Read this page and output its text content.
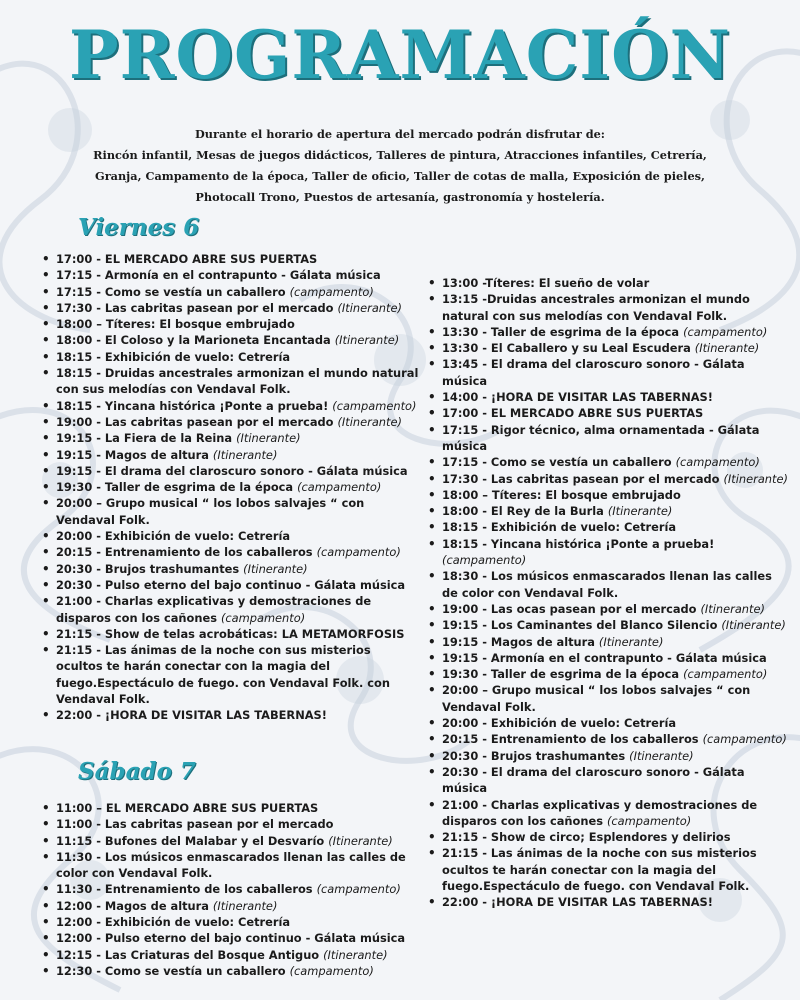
PROGRAMACIÓN
Durante el horario de apertura del mercado podrán disfrutar de:
Rincón infantil, Mesas de juegos didácticos, Talleres de pintura, Atracciones infantiles, Cetrería,
Granja, Campamento de la época, Taller de oficio, Taller de cotas de malla, Exposición de pieles,
Photocall Trono, Puestos de artesanía, gastronomía y hostelería.
Viernes 6
• 17:00 - EL MERCADO ABRE SUS PUERTAS
• 17:15 - Armonía en el contrapunto - Gálata música
• 17:15 - Como se vestía un caballero (campamento)
• 17:30 - Las cabritas pasean por el mercado (Itinerante)
• 18:00 – Títeres: El bosque embrujado
• 18:00 - El Coloso y la Marioneta Encantada (Itinerante)
• 18:15 - Exhibición de vuelo: Cetrería
• 18:15 - Druidas ancestrales armonizan el mundo natural con sus melodías con Vendaval Folk.
• 18:15 - Yincana histórica ¡Ponte a prueba! (campamento)
• 19:00 - Las cabritas pasean por el mercado (Itinerante)
• 19:15 - La Fiera de la Reina (Itinerante)
• 19:15 - Magos de altura (Itinerante)
• 19:15 - El drama del claroscuro sonoro - Gálata música
• 19:30 - Taller de esgrima de la época (campamento)
• 20:00 – Grupo musical “ los lobos salvajes “ con Vendaval Folk.
• 20:00 - Exhibición de vuelo: Cetrería
• 20:15 - Entrenamiento de los caballeros (campamento)
• 20:30 - Brujos trashumantes (Itinerante)
• 20:30 - Pulso eterno del bajo continuo - Gálata música
• 21:00 - Charlas explicativas y demostraciones de disparos con los cañones (campamento)
• 21:15 - Show de telas acrobáticas: LA METAMORFOSIS
• 21:15 - Las ánimas de la noche con sus misterios ocultos te harán conectar con la magia del fuego.Espectáculo de fuego. con Vendaval Folk. con Vendaval Folk.
• 22:00 - ¡HORA DE VISITAR LAS TABERNAS!
Sábado 7
• 11:00 – EL MERCADO ABRE SUS PUERTAS
• 11:00 - Las cabritas pasean por el mercado
• 11:15 - Bufones del Malabar y el Desvarío (Itinerante)
• 11:30 - Los músicos enmascarados llenan las calles de color con Vendaval Folk.
• 11:30 - Entrenamiento de los caballeros (campamento)
• 12:00 - Magos de altura (Itinerante)
• 12:00 - Exhibición de vuelo: Cetrería
• 12:00 - Pulso eterno del bajo continuo - Gálata música
• 12:15 - Las Criaturas del Bosque Antiguo (Itinerante)
• 12:30 - Como se vestía un caballero (campamento)
• 13:00 -Títeres: El sueño de volar
• 13:15 -Druidas ancestrales armonizan el mundo natural con sus melodías con Vendaval Folk.
• 13:30 - Taller de esgrima de la época (campamento)
• 13:30 - El Caballero y su Leal Escudera (Itinerante)
• 13:45 - El drama del claroscuro sonoro - Gálata música
• 14:00 - ¡HORA DE VISITAR LAS TABERNAS!
• 17:00 - EL MERCADO ABRE SUS PUERTAS
• 17:15 - Rigor técnico, alma ornamentada - Gálata música
• 17:15 - Como se vestía un caballero (campamento)
• 17:30 - Las cabritas pasean por el mercado (Itinerante)
• 18:00 – Títeres: El bosque embrujado
• 18:00 - El Rey de la Burla (Itinerante)
• 18:15 - Exhibición de vuelo: Cetrería
• 18:15 - Yincana histórica ¡Ponte a prueba! (campamento)
• 18:30 - Los músicos enmascarados llenan las calles de color con Vendaval Folk.
• 19:00 - Las ocas pasean por el mercado (Itinerante)
• 19:15 - Los Caminantes del Blanco Silencio (Itinerante)
• 19:15 - Magos de altura (Itinerante)
• 19:15 - Armonía en el contrapunto - Gálata música
• 19:30 - Taller de esgrima de la época (campamento)
• 20:00 – Grupo musical “ los lobos salvajes “ con Vendaval Folk.
• 20:00 - Exhibición de vuelo: Cetrería
• 20:15 - Entrenamiento de los caballeros (campamento)
• 20:30 - Brujos trashumantes (Itinerante)
• 20:30 - El drama del claroscuro sonoro - Gálata música
• 21:00 - Charlas explicativas y demostraciones de disparos con los cañones (campamento)
• 21:15 - Show de circo; Esplendores y delirios
• 21:15 - Las ánimas de la noche con sus misterios ocultos te harán conectar con la magia del fuego.Espectáculo de fuego. con Vendaval Folk.
• 22:00 - ¡HORA DE VISITAR LAS TABERNAS!
